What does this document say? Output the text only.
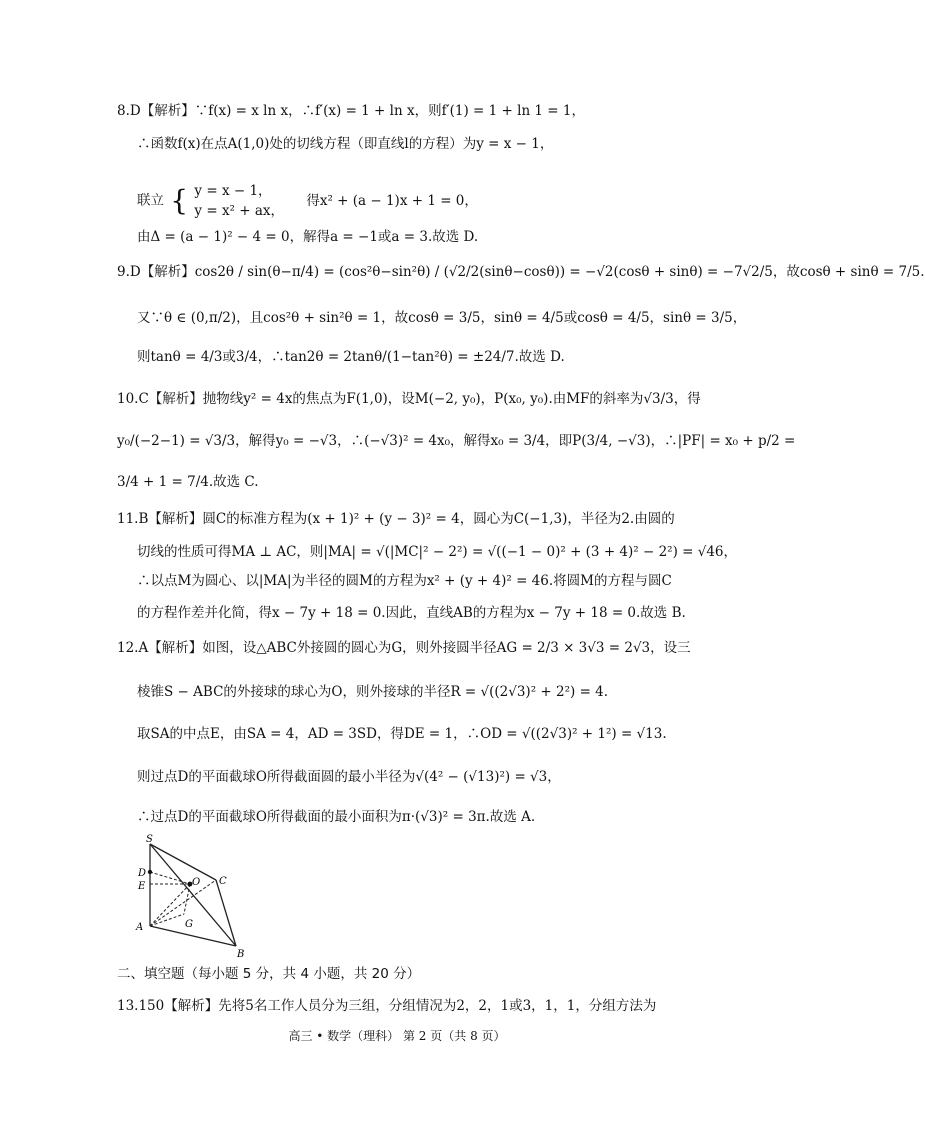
8.D【解析】∵f(x) = x ln x，∴f′(x) = 1 + ln x，则f′(1) = 1 + ln 1 = 1，
∴函数f(x)在点A(1,0)处的切线方程（即直线l的方程）为y = x − 1，
联立 { y = x − 1，
y = x² + ax，
得x² + (a − 1)x + 1 = 0，
由Δ = (a − 1)² − 4 = 0，解得a = −1或a = 3.故选 D.
9.D【解析】cos2θ / sin(θ−π/4) = (cos²θ−sin²θ) / (√2/2(sinθ−cosθ)) = −√2(cosθ + sinθ) = −7√2/5，故cosθ + sinθ = 7/5.
又∵θ ∈ (0,π/2)，且cos²θ + sin²θ = 1，故cosθ = 3/5，sinθ = 4/5或cosθ = 4/5，sinθ = 3/5，
则tanθ = 4/3或3/4，∴tan2θ = 2tanθ/(1−tan²θ) = ±24/7.故选 D.
10.C【解析】抛物线y² = 4x的焦点为F(1,0)，设M(−2, y₀)，P(x₀, y₀).由MF的斜率为√3/3，得
y₀/(−2−1) = √3/3，解得y₀ = −√3，∴(−√3)² = 4x₀，解得x₀ = 3/4，即P(3/4, −√3)，∴|PF| = x₀ + p/2 =
3/4 + 1 = 7/4.故选 C.
11.B【解析】圆C的标准方程为(x + 1)² + (y − 3)² = 4，圆心为C(−1,3)，半径为2.由圆的
切线的性质可得MA ⊥ AC，则|MA| = √(|MC|² − 2²) = √((−1 − 0)² + (3 + 4)² − 2²) = √46，
∴以点M为圆心、以|MA|为半径的圆M的方程为x² + (y + 4)² = 46.将圆M的方程与圆C
的方程作差并化简，得x − 7y + 18 = 0.因此，直线AB的方程为x − 7y + 18 = 0.故选 B.
12.A【解析】如图，设△ABC外接圆的圆心为G，则外接圆半径AG = 2/3 × 3√3 = 2√3，设三
棱锥S − ABC的外接球的球心为O，则外接球的半径R = √((2√3)² + 2²) = 4.
取SA的中点E，由SA = 4，AD = 3SD，得DE = 1，∴OD = √((2√3)² + 1²) = √13.
则过点D的平面截球O所得截面圆的最小半径为√(4² − (√13)²) = √3，
∴过点D的平面截球O所得截面的最小面积为π·(√3)² = 3π.故选 A.
S
D
E	O C
A	G
B
二、填空题（每小题 5 分，共 4 小题，共 20 分）
13.150【解析】先将5名工作人员分为三组，分组情况为2，2，1或3，1，1，分组方法为
高三 • 数学（理科） 第 2 页（共 8 页）
